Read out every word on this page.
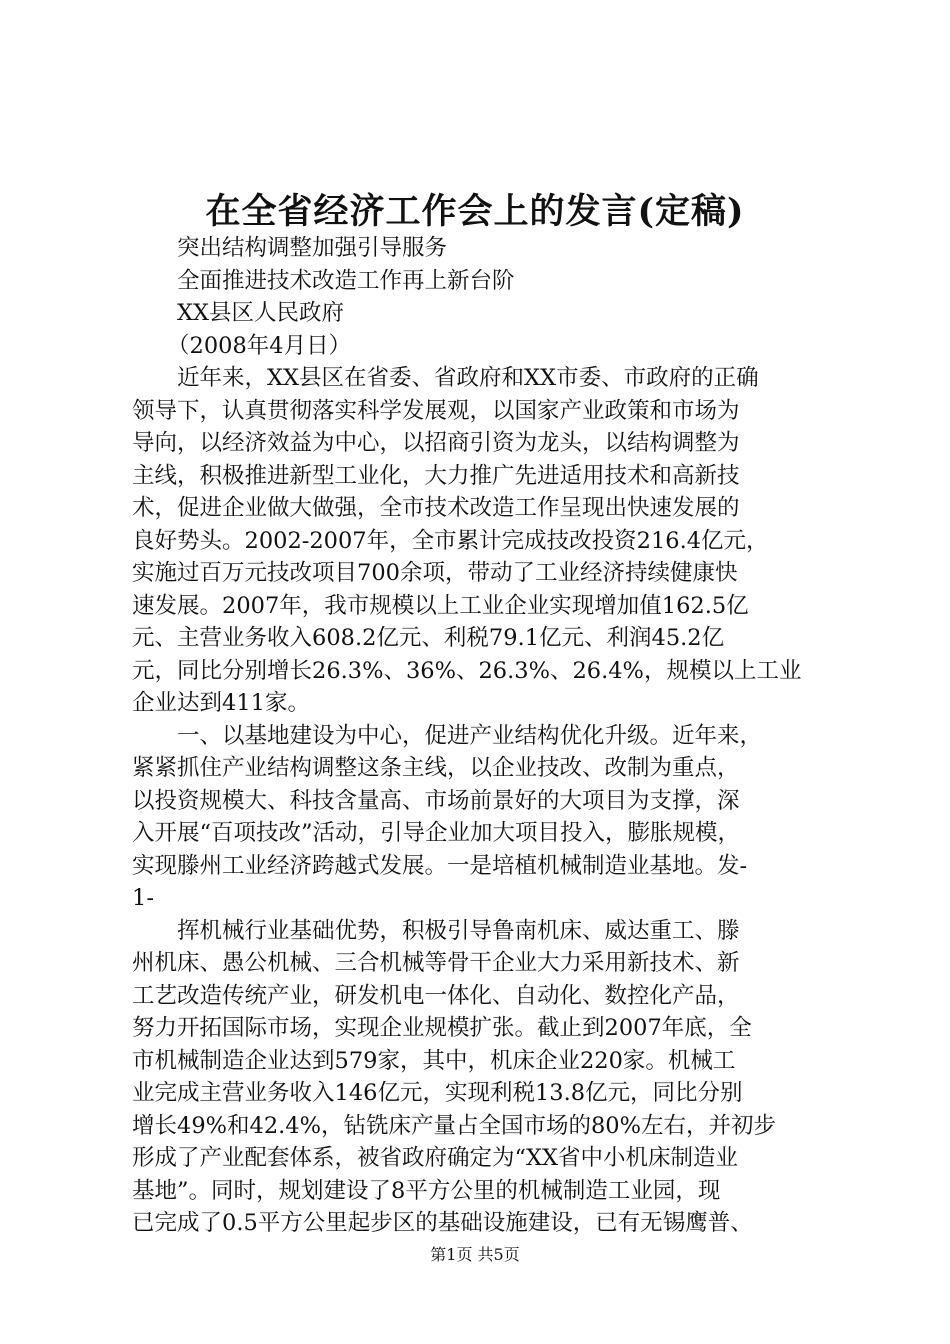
在全省经济工作会上的发言(定稿)
突出结构调整加强引导服务
全面推进技术改造工作再上新台阶
XX县区人民政府
（2008年4月日）
近年来，XX县区在省委、省政府和XX市委、市政府的正确
领导下，认真贯彻落实科学发展观，以国家产业政策和市场为
导向，以经济效益为中心，以招商引资为龙头，以结构调整为
主线，积极推进新型工业化，大力推广先进适用技术和高新技
术，促进企业做大做强，全市技术改造工作呈现出快速发展的
良好势头。2002-2007年，全市累计完成技改投资216.4亿元，
实施过百万元技改项目700余项，带动了工业经济持续健康快
速发展。2007年，我市规模以上工业企业实现增加值162.5亿
元、主营业务收入608.2亿元、利税79.1亿元、利润45.2亿
元，同比分别增长26.3%、36%、26.3%、26.4%，规模以上工业
企业达到411家。
一、以基地建设为中心，促进产业结构优化升级。近年来，
紧紧抓住产业结构调整这条主线，以企业技改、改制为重点，
以投资规模大、科技含量高、市场前景好的大项目为支撑，深
入开展“百项技改”活动，引导企业加大项目投入，膨胀规模，
实现滕州工业经济跨越式发展。一是培植机械制造业基地。发-
1-
挥机械行业基础优势，积极引导鲁南机床、威达重工、滕
州机床、愚公机械、三合机械等骨干企业大力采用新技术、新
工艺改造传统产业，研发机电一体化、自动化、数控化产品，
努力开拓国际市场，实现企业规模扩张。截止到2007年底，全
市机械制造企业达到579家，其中，机床企业220家。机械工
业完成主营业务收入146亿元，实现利税13.8亿元，同比分别
增长49%和42.4%，钻铣床产量占全国市场的80%左右，并初步
形成了产业配套体系，被省政府确定为“XX省中小机床制造业
基地”。同时，规划建设了8平方公里的机械制造工业园，现
已完成了0.5平方公里起步区的基础设施建设，已有无锡鹰普、
第1页 共5页
